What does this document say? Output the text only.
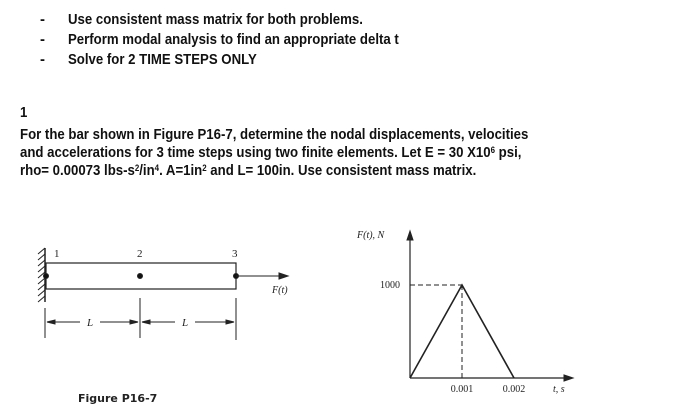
- Use consistent mass matrix for both problems.
- Perform modal analysis to find an appropriate delta t
- Solve for 2 TIME STEPS ONLY
1
For the bar shown in Figure P16-7, determine the nodal displacements, velocities
and accelerations for 3 time steps using two finite elements. Let E = 30 $X10^6$ psi,
rho= 0.00073 lbs-$s^2/in^4$. $A=1in^2$ and L= 100in. Use consistent mass matrix.
1	2	3
F(t)
L	L
Figure P16-7
F(t), N
1000
0.001	0.002	t, s
